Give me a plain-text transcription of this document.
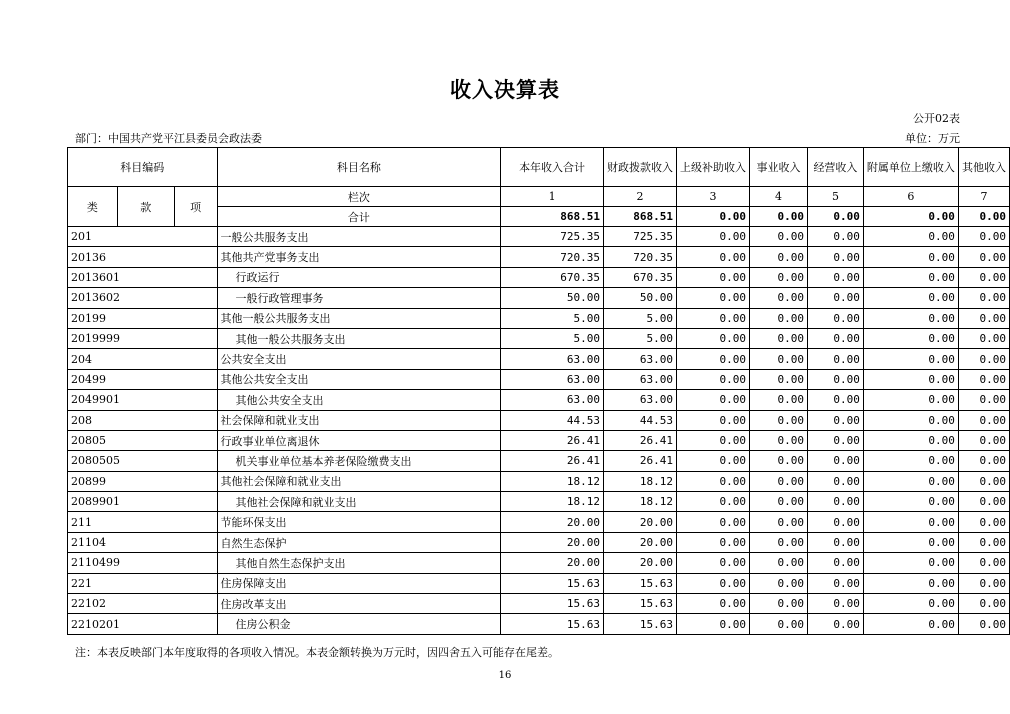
收入决算表
公开02表
部门：中国共产党平江县委员会政法委	单位：万元
科目编码			科目名称	本年收入合计	财政拨款收入	上级补助收入	事业收入	经营收入	附属单位上缴收入	其他收入
类	款	项	栏次	1	2	3	4	5	6	7
			合计	868.51	868.51	0.00	0.00	0.00	0.00	0.00
201			一般公共服务支出	725.35	725.35	0.00	0.00	0.00	0.00	0.00
20136			其他共产党事务支出	720.35	720.35	0.00	0.00	0.00	0.00	0.00
2013601			行政运行	670.35	670.35	0.00	0.00	0.00	0.00	0.00
2013602			一般行政管理事务	50.00	50.00	0.00	0.00	0.00	0.00	0.00
20199			其他一般公共服务支出	5.00	5.00	0.00	0.00	0.00	0.00	0.00
2019999			其他一般公共服务支出	5.00	5.00	0.00	0.00	0.00	0.00	0.00
204			公共安全支出	63.00	63.00	0.00	0.00	0.00	0.00	0.00
20499			其他公共安全支出	63.00	63.00	0.00	0.00	0.00	0.00	0.00
2049901			其他公共安全支出	63.00	63.00	0.00	0.00	0.00	0.00	0.00
208			社会保障和就业支出	44.53	44.53	0.00	0.00	0.00	0.00	0.00
20805			行政事业单位离退休	26.41	26.41	0.00	0.00	0.00	0.00	0.00
2080505			机关事业单位基本养老保险缴费支出	26.41	26.41	0.00	0.00	0.00	0.00	0.00
20899			其他社会保障和就业支出	18.12	18.12	0.00	0.00	0.00	0.00	0.00
2089901			其他社会保障和就业支出	18.12	18.12	0.00	0.00	0.00	0.00	0.00
211			节能环保支出	20.00	20.00	0.00	0.00	0.00	0.00	0.00
21104			自然生态保护	20.00	20.00	0.00	0.00	0.00	0.00	0.00
2110499			其他自然生态保护支出	20.00	20.00	0.00	0.00	0.00	0.00	0.00
221			住房保障支出	15.63	15.63	0.00	0.00	0.00	0.00	0.00
22102			住房改革支出	15.63	15.63	0.00	0.00	0.00	0.00	0.00
2210201			住房公积金	15.63	15.63	0.00	0.00	0.00	0.00	0.00
注：本表反映部门本年度取得的各项收入情况。本表金额转换为万元时，因四舍五入可能存在尾差。
16
